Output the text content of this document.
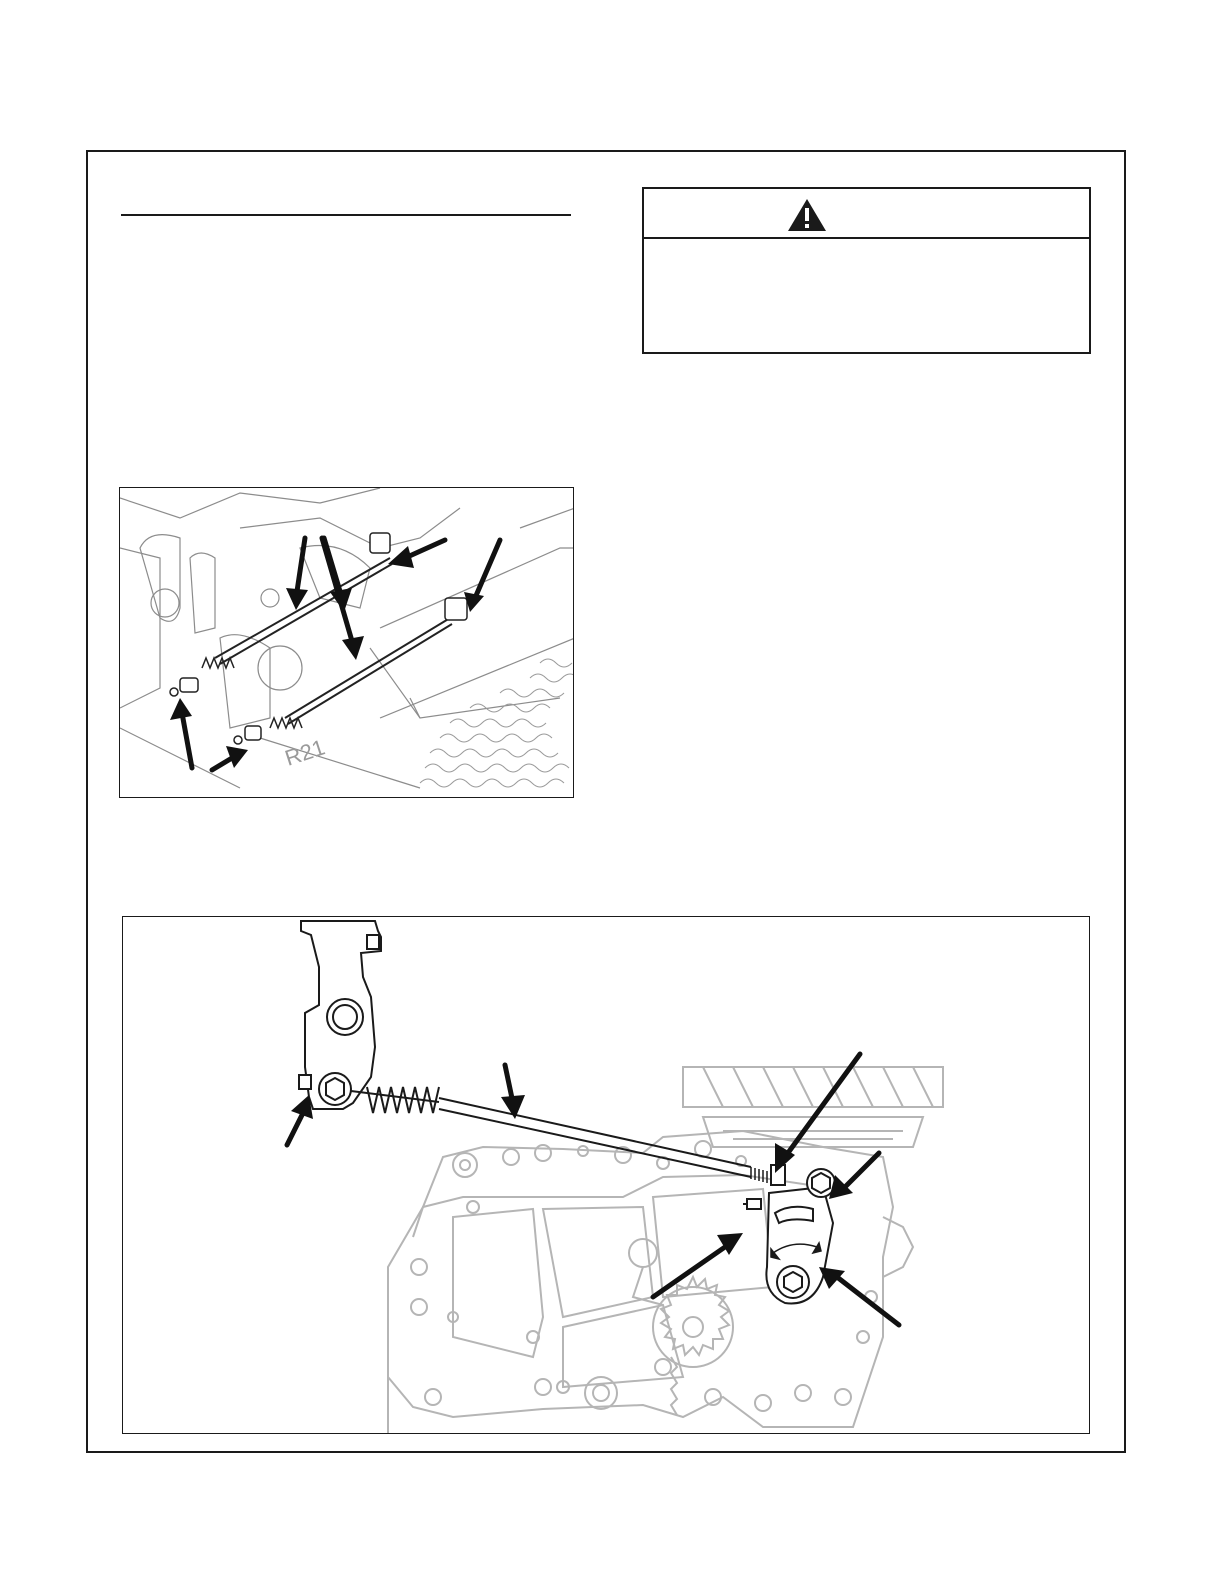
R21
